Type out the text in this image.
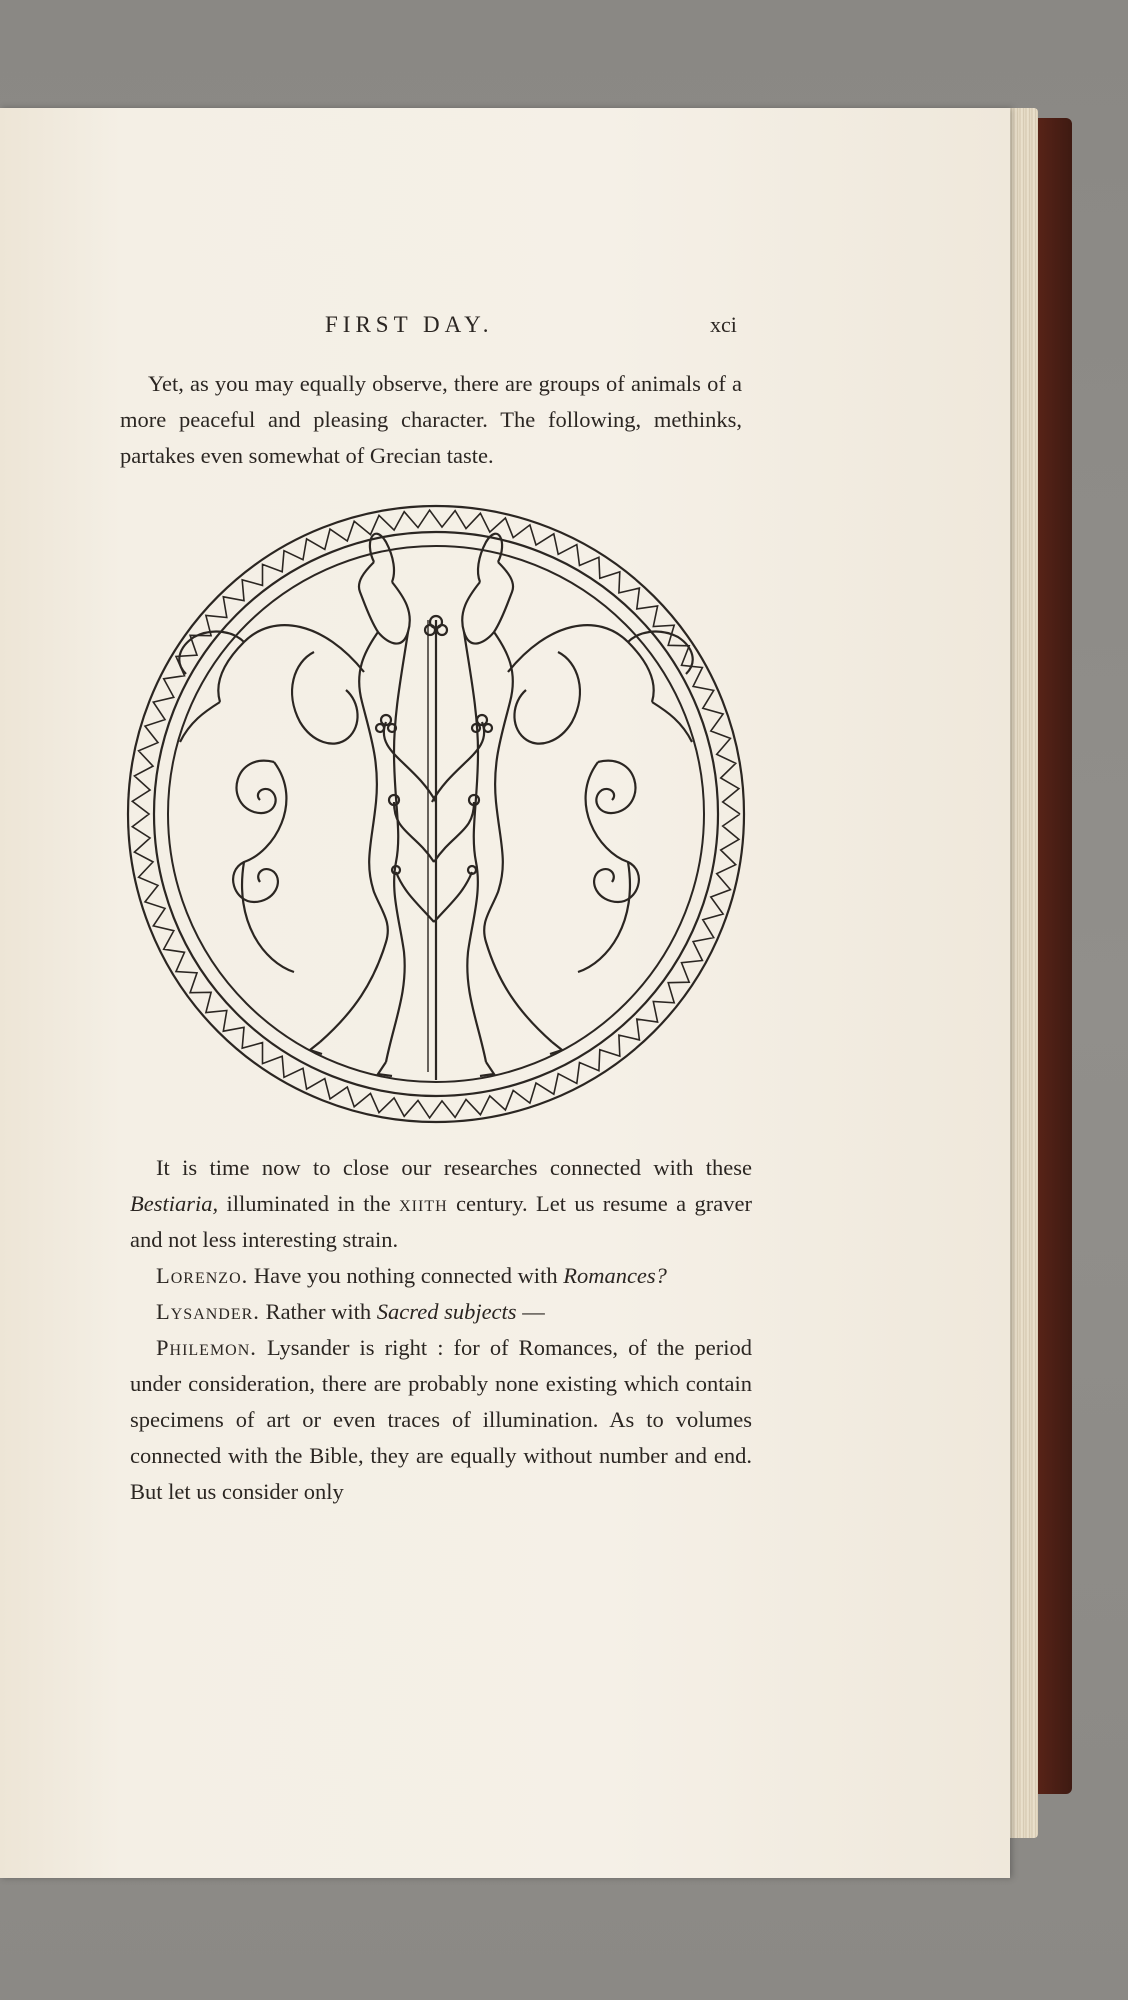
FIRST DAY.	xci
Yet, as you may equally observe, there are groups of animals of a more peaceful and pleasing character. The following, methinks, partakes even somewhat of Grecian taste.
It is time now to close our researches connected with these Bestiaria, illuminated in the xiith century. Let us resume a graver and not less interesting strain.
Lorenzo. Have you nothing connected with Romances?
Lysander. Rather with Sacred subjects —
Philemon. Lysander is right : for of Romances, of the period under consideration, there are probably none existing which contain specimens of art or even traces of illumination. As to volumes connected with the Bible, they are equally without number and end. But let us consider only
